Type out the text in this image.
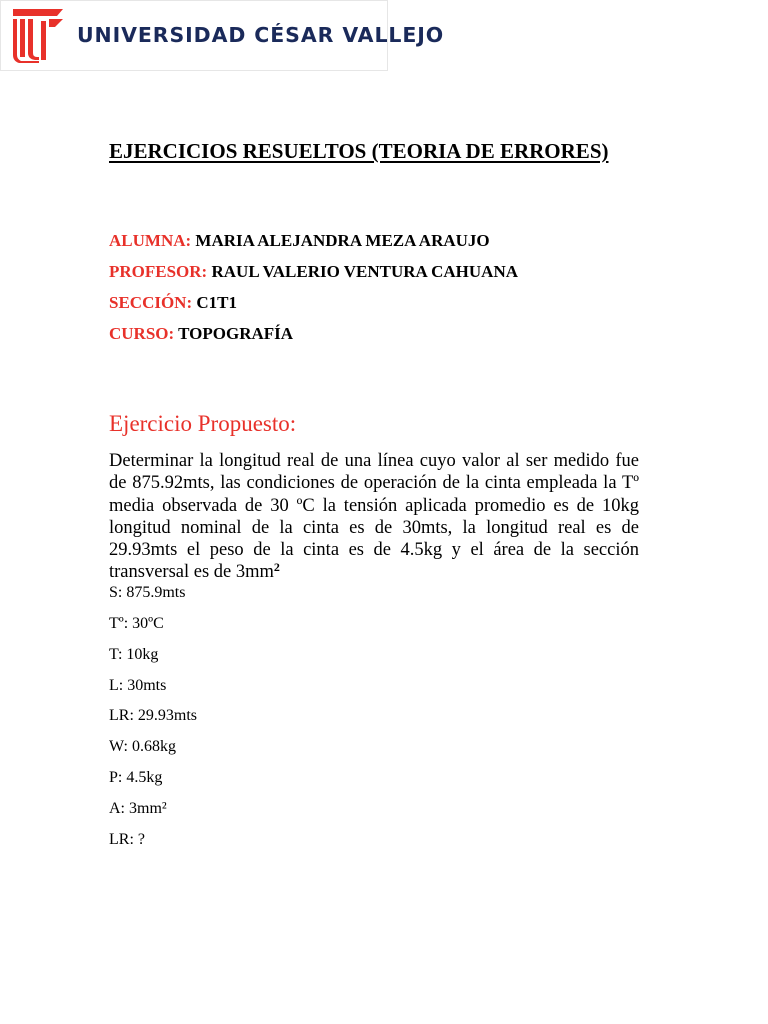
UNIVERSIDAD CÉSAR VALLEJO
EJERCICIOS RESUELTOS (TEORIA DE ERRORES)
ALUMNA: MARIA ALEJANDRA MEZA ARAUJO
PROFESOR: RAUL VALERIO VENTURA CAHUANA
SECCIÓN: C1T1
CURSO: TOPOGRAFÍA
Ejercicio Propuesto:
Determinar la longitud real de una línea cuyo valor al ser medido fue de 875.92mts, las condiciones de operación de la cinta empleada la Tº media observada de 30 ºC la tensión aplicada promedio es de 10kg longitud nominal de la cinta es de 30mts, la longitud real es de 29.93mts el peso de la cinta es de 4.5kg y el área de la sección transversal es de $3mm^2$
S: 875.9mts
Tº: 30ºC
T: 10kg
L: 30mts
LR: 29.93mts
W: 0.68kg
P: 4.5kg
A: 3mm²
LR: ?
